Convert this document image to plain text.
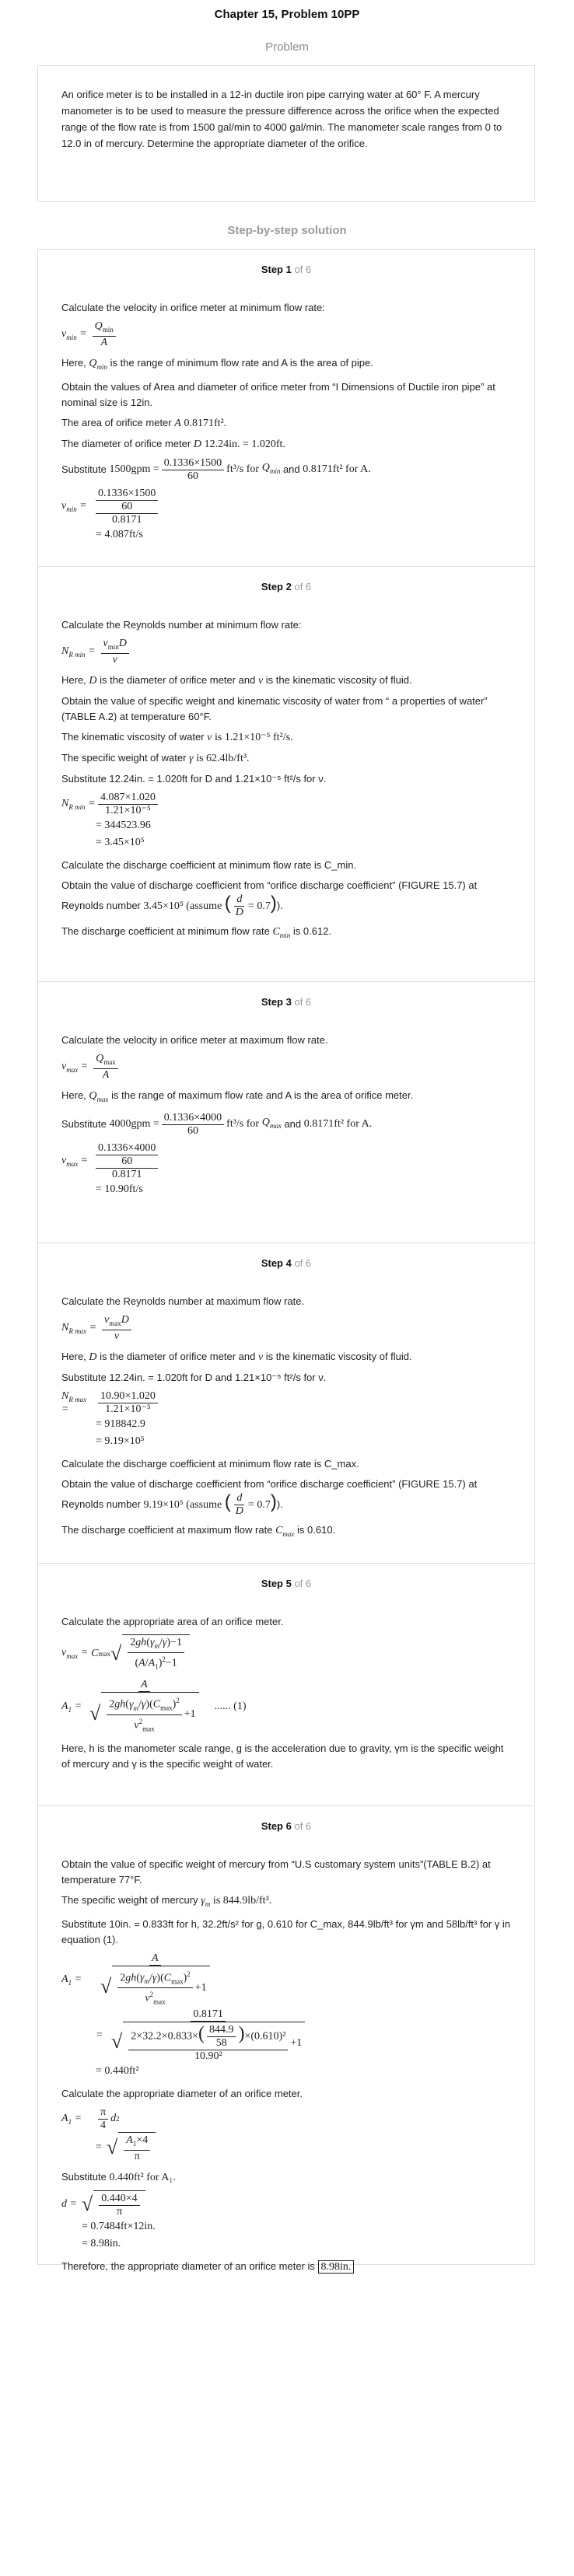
Chapter 15, Problem 10PP
Problem
An orifice meter is to be installed in a 12-in ductile iron pipe carrying water at 60° F. A mercury manometer is to be used to measure the pressure difference across the orifice when the expected range of the flow rate is from 1500 gal/min to 4000 gal/min. The manometer scale ranges from 0 to 12.0 in of mercury. Determine the appropriate diameter of the orifice.
Step-by-step solution
Step 1 of 6
Calculate the velocity in orifice meter at minimum flow rate:
$v_{min} = \frac{Q_{min}}{A}$
Here, $Q_{min}$ is the range of minimum flow rate and A is the area of pipe.
Obtain the values of Area and diameter of orifice meter from “I Dimensions of Ductile iron pipe” at nominal size is 12in.
The area of orifice meter A 0.8171ft².
The diameter of orifice meter D 12.24in. = 1.020ft.
Substitute
$1500gpm = \frac{0.1336\times 1500}{60} ft^3/s$ for
$Q_{min}$
and
0.8171ft² for A.
$v_{min} = \frac{0.1336\times 1500}{60}$
0.8171
= 4.087ft/s
Step 2 of 6
Calculate the Reynolds number at minimum flow rate:
$N_{R min} = \frac{v_{min}D}{\nu}$
Here, D is the diameter of orifice meter and ν is the kinematic viscosity of fluid.
Obtain the value of specific weight and kinematic viscosity of water from “ a properties of water” (TABLE A.2) at temperature 60°F.
The kinematic viscosity of water ν is 1.21×10⁻⁵ ft²/s.
The specific weight of water γ is 62.4lb/ft³.
Substitute 12.24in. = 1.020ft for D and 1.21×10⁻⁵ ft²/s for ν.
$N_{R min} = \frac{4.087\times 1.020}{\text{1.21×10⁻⁵}}$
= 344523.96
= 3.45×10⁵
Calculate the discharge coefficient at minimum flow rate is C_min.
Obtain the value of discharge coefficient from “orifice discharge coefficient” (FIGURE 15.7) at Reynolds number 3.45×10⁵ (assume ( $\frac{d}{D} = 0.7$)).
The discharge coefficient at minimum flow rate $C_{min}$ is 0.612.
Step 3 of 6
Calculate the velocity in orifice meter at maximum flow rate.
$v_{max} = \frac{Q_{max}}{A}$
Here, $Q_{max}$ is the range of maximum flow rate and A is the area of orifice meter.
Substitute
$4000gpm = \frac{0.1336\times 4000}{60} ft^3/s$ for
$Q_{max}$
and
0.8171ft² for A.
$v_{max} = \frac{0.1336\times 4000}{60}$
0.8171
= 10.90ft/s
Step 4 of 6
Calculate the Reynolds number at maximum flow rate.
$N_{R max} = \frac{v_{max}D}{\nu}$
Here, D is the diameter of orifice meter and ν is the kinematic viscosity of fluid.
Substitute 12.24in. = 1.020ft for D and 1.21×10⁻⁵ ft²/s for ν.
$N_{R max}$ =	$\frac{10.90\times 1.020}{\text{1.21×10⁻⁵}}$
= 918842.9
= 9.19×10⁵
Calculate the discharge coefficient at minimum flow rate is C_max.
Obtain the value of discharge coefficient from “orifice discharge coefficient” (FIGURE 15.7) at Reynolds number 9.19×10⁵ (assume ( $\frac{d}{D} = 0.7$)).
The discharge coefficient at maximum flow rate $C_{max}$ is 0.610.
Step 5 of 6
Calculate the appropriate area of an orifice meter.
$v_{max} = C$ max √ $\frac{2gh(\gamma_m/\gamma)-1}{(A/A_1)^2-1}$
$A_1 = \frac{A}{√ \frac{2gh(\gamma_m/\gamma)(C_{max})^2}{v^2_{max}} +1}$ ...... (1)
Here, h is the manometer scale range, g is the acceleration due to gravity, γm is the specific weight of mercury and γ is the specific weight of water.
Step 6 of 6
Obtain the value of specific weight of mercury from “U.S customary system units”(TABLE B.2) at temperature 77°F.
The specific weight of mercury $\gamma_m$ is 844.9lb/ft³.
Substitute 10in. = 0.833ft for h, 32.2ft/s² for g, 0.610 for C_max, 844.9lb/ft³ for γm and 58lb/ft³ for γ in equation (1).
$A_1$ =	$\frac{A}{√ \frac{2gh(\gamma_m/\gamma)(C_{max})^2}{v^2_{max}} +1}$
= $\frac{0.8171}{√ \frac{2\times 32.2\times 0.833\times( \frac{844.9}{58} )\times(0.610)^2}{\text{10.90²}} +1}$
= 0.440ft²
Calculate the appropriate diameter of an orifice meter.
$A_1$ =	$\frac{\pi}{4}$ d 2
= √ $\frac{A_1\times 4}{\pi}$
Substitute 0.440ft² for A₁.
d = √ $\frac{0.440\times 4}{\pi}$
= 0.7484ft×12in.
= 8.98in.
Therefore, the appropriate diameter of an orifice meter is 8.98in.
